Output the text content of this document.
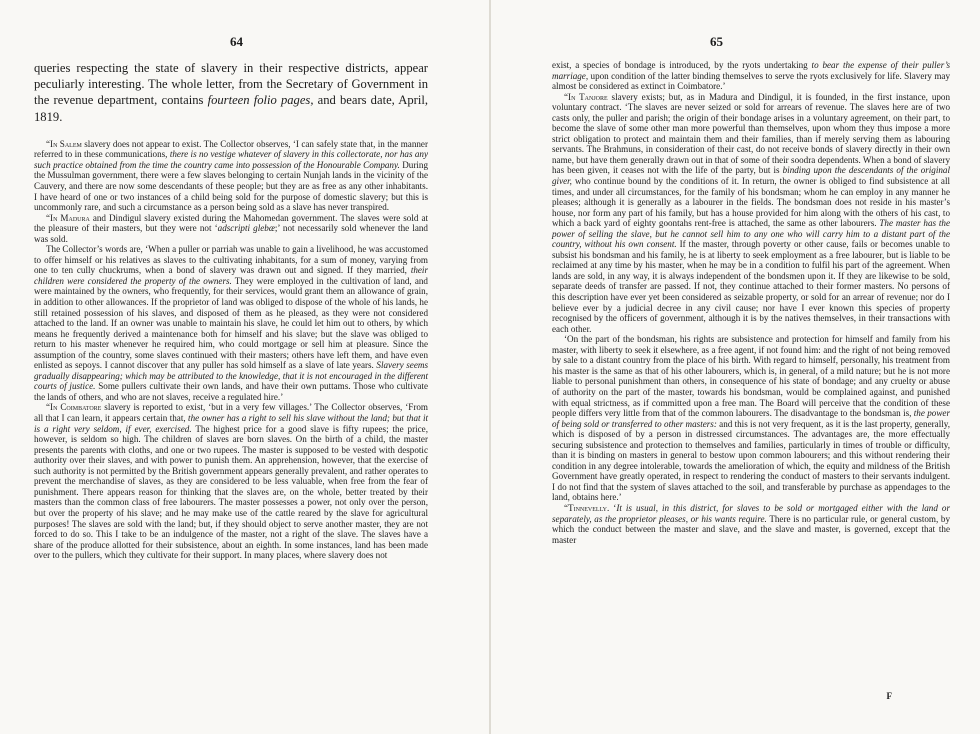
64

queries respecting the state of slavery in their respective districts, appear peculiarly interesting. The whole letter, from the Secretary of Government in the revenue department, contains fourteen folio pages, and bears date, April, 1819.

“In Salem slavery does not appear to exist. The Collector observes, ‘I can safely state that, in the manner referred to in these communications, there is no vestige whatever of slavery in this collectorate, nor has any such practice obtained from the time the country came into possession of the Honourable Company. During the Mussulman government, there were a few slaves belonging to certain Nunjah lands in the vicinity of the Cauvery, and there are now some descendants of these people; but they are as free as any other inhabitants. I have heard of one or two instances of a child being sold for the purpose of domestic slavery; but this is uncommonly rare, and such a circumstance as a person being sold as a slave has never transpired.

“In Madura and Dindigul slavery existed during the Mahomedan government. The slaves were sold at the pleasure of their masters, but they were not ‘adscripti glebæ;’ not necessarily sold whenever the land was sold.

The Collector’s words are, ‘When a puller or parriah was unable to gain a livelihood, he was accustomed to offer himself or his relatives as slaves to the cultivating inhabitants, for a sum of money, varying from one to ten cully chuckrums, when a bond of slavery was drawn out and signed. If they married, their children were considered the property of the owners. They were employed in the cultivation of land, and were maintained by the owners, who frequently, for their services, would grant them an allowance of grain, in addition to other allowances. If the proprietor of land was obliged to dispose of the whole of his lands, he still retained possession of his slaves, and disposed of them as he pleased, as they were not considered attached to the land. If an owner was unable to maintain his slave, he could let him out to others, by which means he frequently derived a maintenance both for himself and his slave; but the slave was obliged to return to his master whenever he required him, who could mortgage or sell him at pleasure. Since the assumption of the country, some slaves continued with their masters; others have left them, and have even enlisted as sepoys. I cannot discover that any puller has sold himself as a slave of late years. Slavery seems gradually disappearing; which may be attributed to the knowledge, that it is not encouraged in the different courts of justice. Some pullers cultivate their own lands, and have their own puttams. Those who cultivate the lands of others, and who are not slaves, receive a regulated hire.’

“In Coimbatore slavery is reported to exist, ‘but in a very few villages.’ The Collector observes, ‘From all that I can learn, it appears certain that, the owner has a right to sell his slave without the land; but that it is a right very seldom, if ever, exercised. The highest price for a good slave is fifty rupees; the price, however, is seldom so high. The children of slaves are born slaves. On the birth of a child, the master presents the parents with cloths, and one or two rupees. The master is supposed to be vested with despotic authority over their slaves, and with power to punish them. An apprehension, however, that the exercise of such authority is not permitted by the British government appears generally prevalent, and rather operates to prevent the merchandise of slaves, as they are considered to be less valuable, when free from the fear of punishment. There appears reason for thinking that the slaves are, on the whole, better treated by their masters than the common class of free labourers. The master possesses a power, not only over the person, but over the property of his slave; and he may make use of the cattle reared by the slave for agricultural purposes! The slaves are sold with the land; but, if they should object to serve another master, they are not forced to do so. This I take to be an indulgence of the master, not a right of the slave. The slaves have a share of the produce allotted for their subsistence, about an eighth. In some instances, land has been made over to the pullers, which they cultivate for their support. In many places, where slavery does not

65

exist, a species of bondage is introduced, by the ryots undertaking to bear the expense of their puller’s marriage, upon condition of the latter binding themselves to serve the ryots exclusively for life. Slavery may almost be considered as extinct in Coimbatore.’

“In Tanjore slavery exists; but, as in Madura and Dindigul, it is founded, in the first instance, upon voluntary contract. ‘The slaves are never seized or sold for arrears of revenue. The slaves here are of two casts only, the puller and parish; the origin of their bondage arises in a voluntary agreement, on their part, to become the slave of some other man more powerful than themselves, upon whom they thus impose a more strict obligation to protect and maintain them and their families, than if merely serving them as labouring servants. The Brahmuns, in consideration of their cast, do not receive bonds of slavery directly in their own name, but have them generally drawn out in that of some of their soodra dependents. When a bond of slavery has been given, it ceases not with the life of the party, but is binding upon the descendants of the original giver, who continue bound by the conditions of it. In return, the owner is obliged to find subsistence at all times, and under all circumstances, for the family of his bondsman; whom he can employ in any manner he pleases; although it is generally as a labourer in the fields. The bondsman does not reside in his master’s house, nor form any part of his family, but has a house provided for him along with the others of his cast, to which a back yard of eighty goontahs rent-free is attached, the same as other labourers. The master has the power of selling the slave, but he cannot sell him to any one who will carry him to a distant part of the country, without his own consent. If the master, through poverty or other cause, fails or becomes unable to subsist his bondsman and his family, he is at liberty to seek employment as a free labourer, but is liable to be reclaimed at any time by his master, when he may be in a condition to fulfil his part of the agreement. When lands are sold, in any way, it is always independent of the bondsmen upon it. If they are likewise to be sold, separate deeds of transfer are passed. If not, they continue attached to their former masters. No persons of this description have ever yet been considered as seizable property, or sold for an arrear of revenue; nor do I believe ever by a judicial decree in any civil cause; nor have I ever known this species of property recognised by the officers of government, although it is by the natives themselves, in their transactions with each other.

‘On the part of the bondsman, his rights are subsistence and protection for himself and family from his master, with liberty to seek it elsewhere, as a free agent, if not found him: and the right of not being removed by sale to a distant country from the place of his birth. With regard to himself, personally, his treatment from his master is the same as that of his other labourers, which is, in general, of a mild nature; but he is not more liable to personal punishment than others, in consequence of his state of bondage; and any cruelty or abuse of authority on the part of the master, towards his bondsman, would be complained against, and punished with equal strictness, as if committed upon a free man. The Board will perceive that the condition of these people differs very little from that of the common labourers. The disadvantage to the bondsman is, the power of being sold or transferred to other masters: and this is not very frequent, as it is the last property, generally, which is disposed of by a person in distressed circumstances. The advantages are, the more effectually securing subsistence and protection to themselves and families, particularly in times of trouble or difficulty, than it is binding on masters in general to bestow upon common labourers; and this without rendering their condition in any degree intolerable, towards the amelioration of which, the equity and mildness of the British Government have greatly operated, in respect to rendering the conduct of masters to their servants indulgent. I do not find that the system of slaves attached to the soil, and transferable by purchase as appendages to the land, obtains here.’

“Tinnevelly. ‘It is usual, in this district, for slaves to be sold or mortgaged either with the land or separately, as the proprietor pleases, or his wants require. There is no particular rule, or general custom, by which the conduct between the master and slave, and the slave and master, is governed, except that the master

F
